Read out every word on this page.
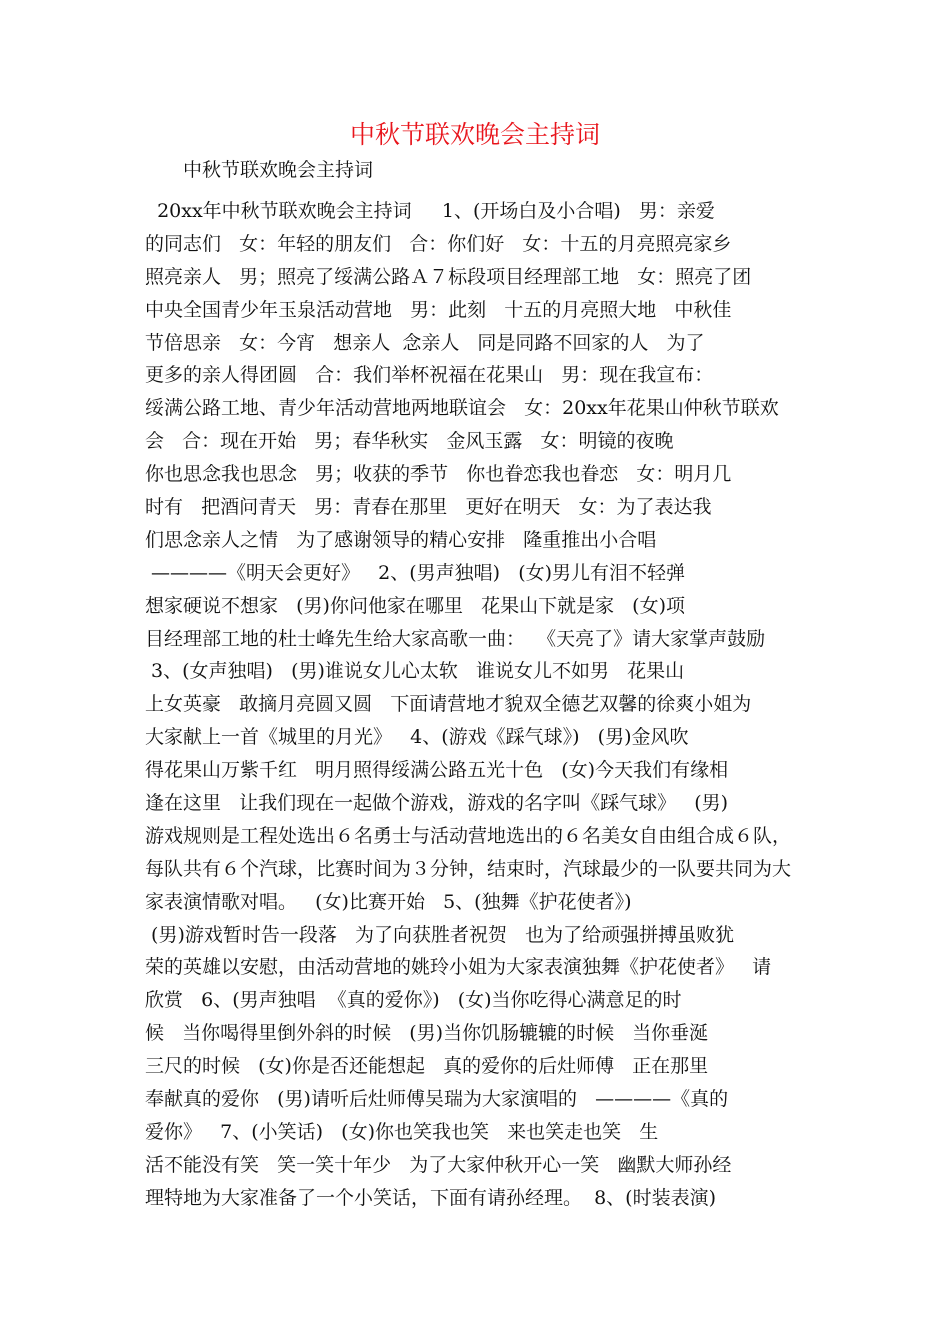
中秋节联欢晚会主持词

中秋节联欢晚会主持词

20xx年中秋节联欢晚会主持词     1、(开场白及小合唱)   男：亲爱
的同志们   女：年轻的朋友们   合：你们好   女：十五的月亮照亮家乡
照亮亲人   男；照亮了绥满公路Ａ７标段项目经理部工地   女：照亮了团
中央全国青少年玉泉活动营地   男：此刻   十五的月亮照大地   中秋佳
节倍思亲   女：今宵   想亲人  念亲人   同是同路不回家的人   为了
更多的亲人得团圆   合：我们举杯祝福在花果山   男：现在我宣布：
绥满公路工地、青少年活动营地两地联谊会   女：20xx年花果山仲秋节联欢
会   合：现在开始   男；春华秋实   金风玉露   女：明镜的夜晚
你也思念我也思念   男；收获的季节   你也眷恋我也眷恋   女：明月几
时有   把酒问青天   男：青春在那里   更好在明天   女：为了表达我
们思念亲人之情   为了感谢领导的精心安排   隆重推出小合唱
————《明天会更好》   2、(男声独唱)   (女)男儿有泪不轻弹
想家硬说不想家   (男)你问他家在哪里   花果山下就是家   (女)项
目经理部工地的杜士峰先生给大家高歌一曲：  《天亮了》请大家掌声鼓励
3、(女声独唱)   (男)谁说女儿心太软   谁说女儿不如男   花果山
上女英豪   敢摘月亮圆又圆   下面请营地才貌双全德艺双馨的徐爽小姐为
大家献上一首《城里的月光》   4、(游戏《踩气球》)   (男)金风吹
得花果山万紫千红   明月照得绥满公路五光十色   (女)今天我们有缘相
逢在这里   让我们现在一起做个游戏，游戏的名字叫《踩气球》   (男)
游戏规则是工程处选出６名勇士与活动营地选出的６名美女自由组合成６队，
每队共有６个汽球，比赛时间为３分钟，结束时，汽球最少的一队要共同为大
家表演情歌对唱。   (女)比赛开始   5、(独舞《护花使者》)
(男)游戏暂时告一段落   为了向获胜者祝贺   也为了给顽强拼搏虽败犹
荣的英雄以安慰，由活动营地的姚玲小姐为大家表演独舞《护花使者》   请
欣赏   6、(男声独唱  《真的爱你》)   (女)当你吃得心满意足的时
候   当你喝得里倒外斜的时候   (男)当你饥肠辘辘的时候   当你垂涎
三尺的时候   (女)你是否还能想起   真的爱你的后灶师傅   正在那里
奉献真的爱你   (男)请听后灶师傅吴瑞为大家演唱的   ————《真的
爱你》   7、(小笑话)   (女)你也笑我也笑   来也笑走也笑   生
活不能没有笑   笑一笑十年少   为了大家仲秋开心一笑   幽默大师孙经
理特地为大家准备了一个小笑话，下面有请孙经理。  8、(时装表演)
